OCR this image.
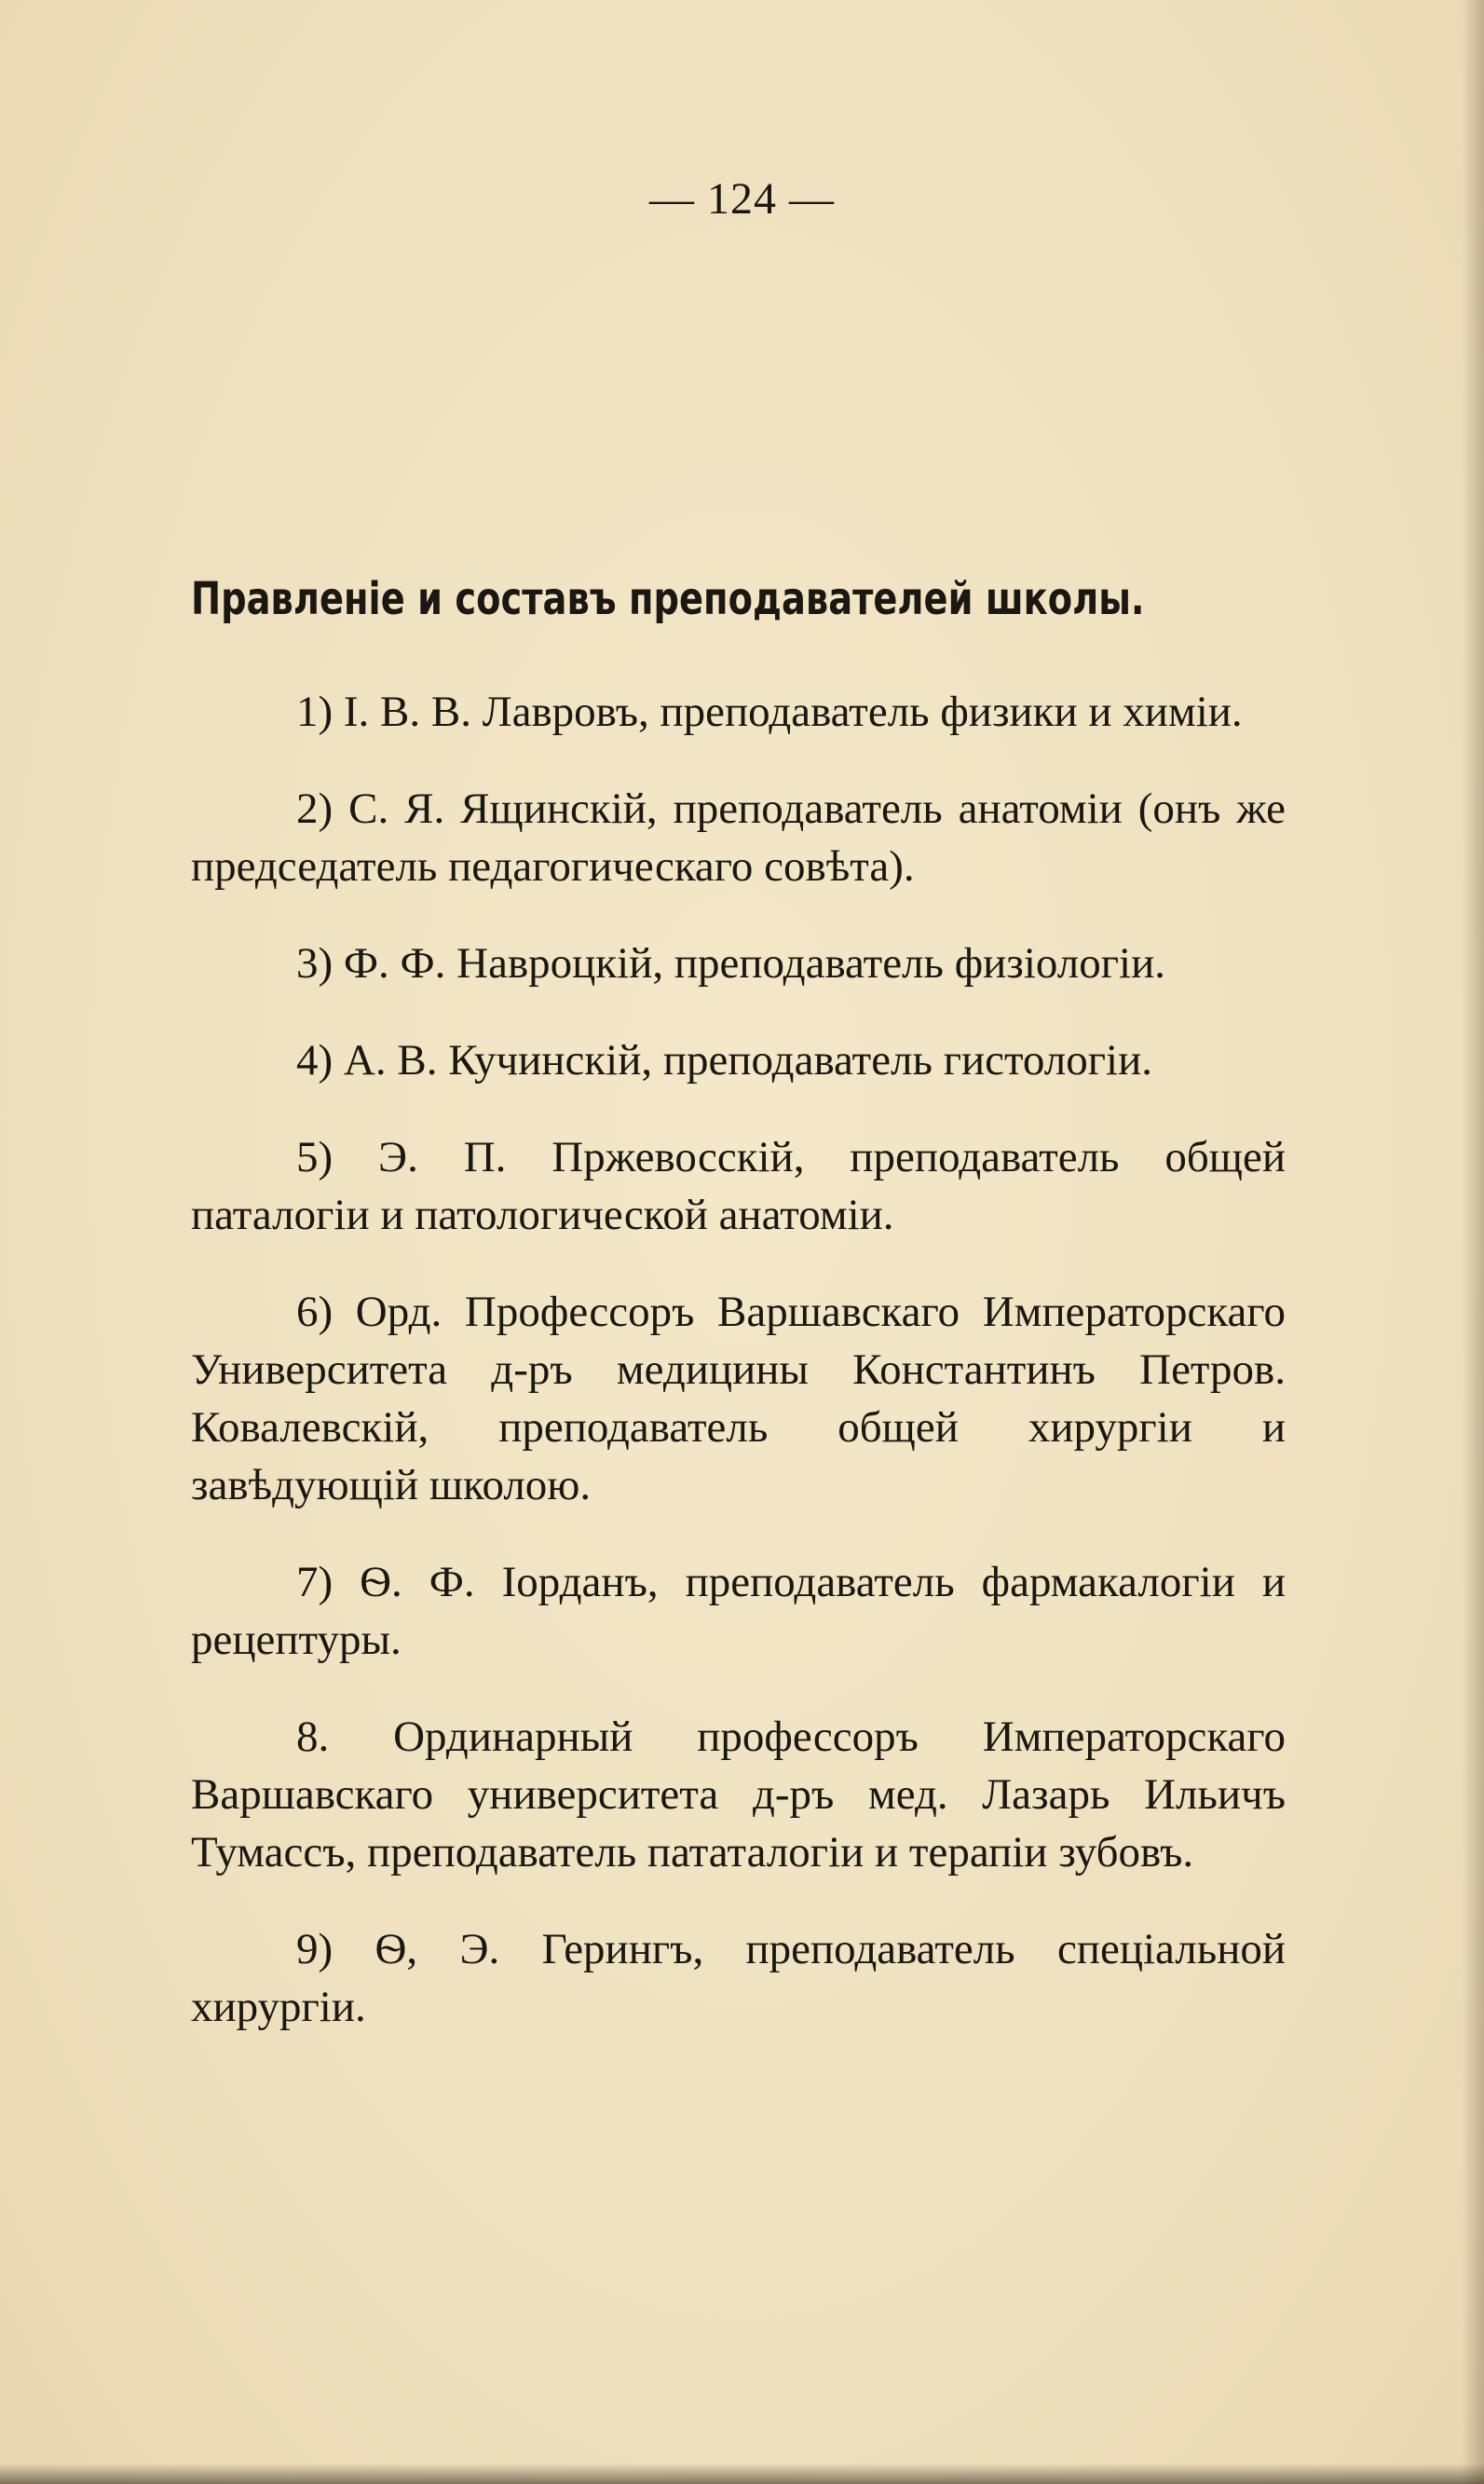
— 124 —
Правленіе и составъ преподавателей школы.

1) I. В. В. Лавровъ, преподаватель физики и химіи.

2) С. Я. Ящинскій, преподаватель анатоміи (онъ же председатель педагогическаго совѣта).

3) Ф. Ф. Навроцкій, преподаватель физіологіи.

4) А. В. Кучинскій, преподаватель гистологіи.

5) Э. П. Пржевосскій, преподаватель общей паталогіи и патологической анатоміи.

6) Орд. Профессоръ Варшавскаго Императорскаго Университета д-ръ медицины Константинъ Петров. Ковалевскій, преподаватель общей хирургіи и завѣдующій школою.

7) Ѳ. Ф. Іорданъ, преподаватель фармакалогіи и рецептуры.

8. Ординарный профессоръ Императорскаго Варшавскаго университета д-ръ мед. Лазарь Ильичъ Тумассъ, преподаватель пататалогіи и терапіи зубовъ.

9) Ѳ, Э. Герингъ, преподаватель спеціальной хирургіи.
